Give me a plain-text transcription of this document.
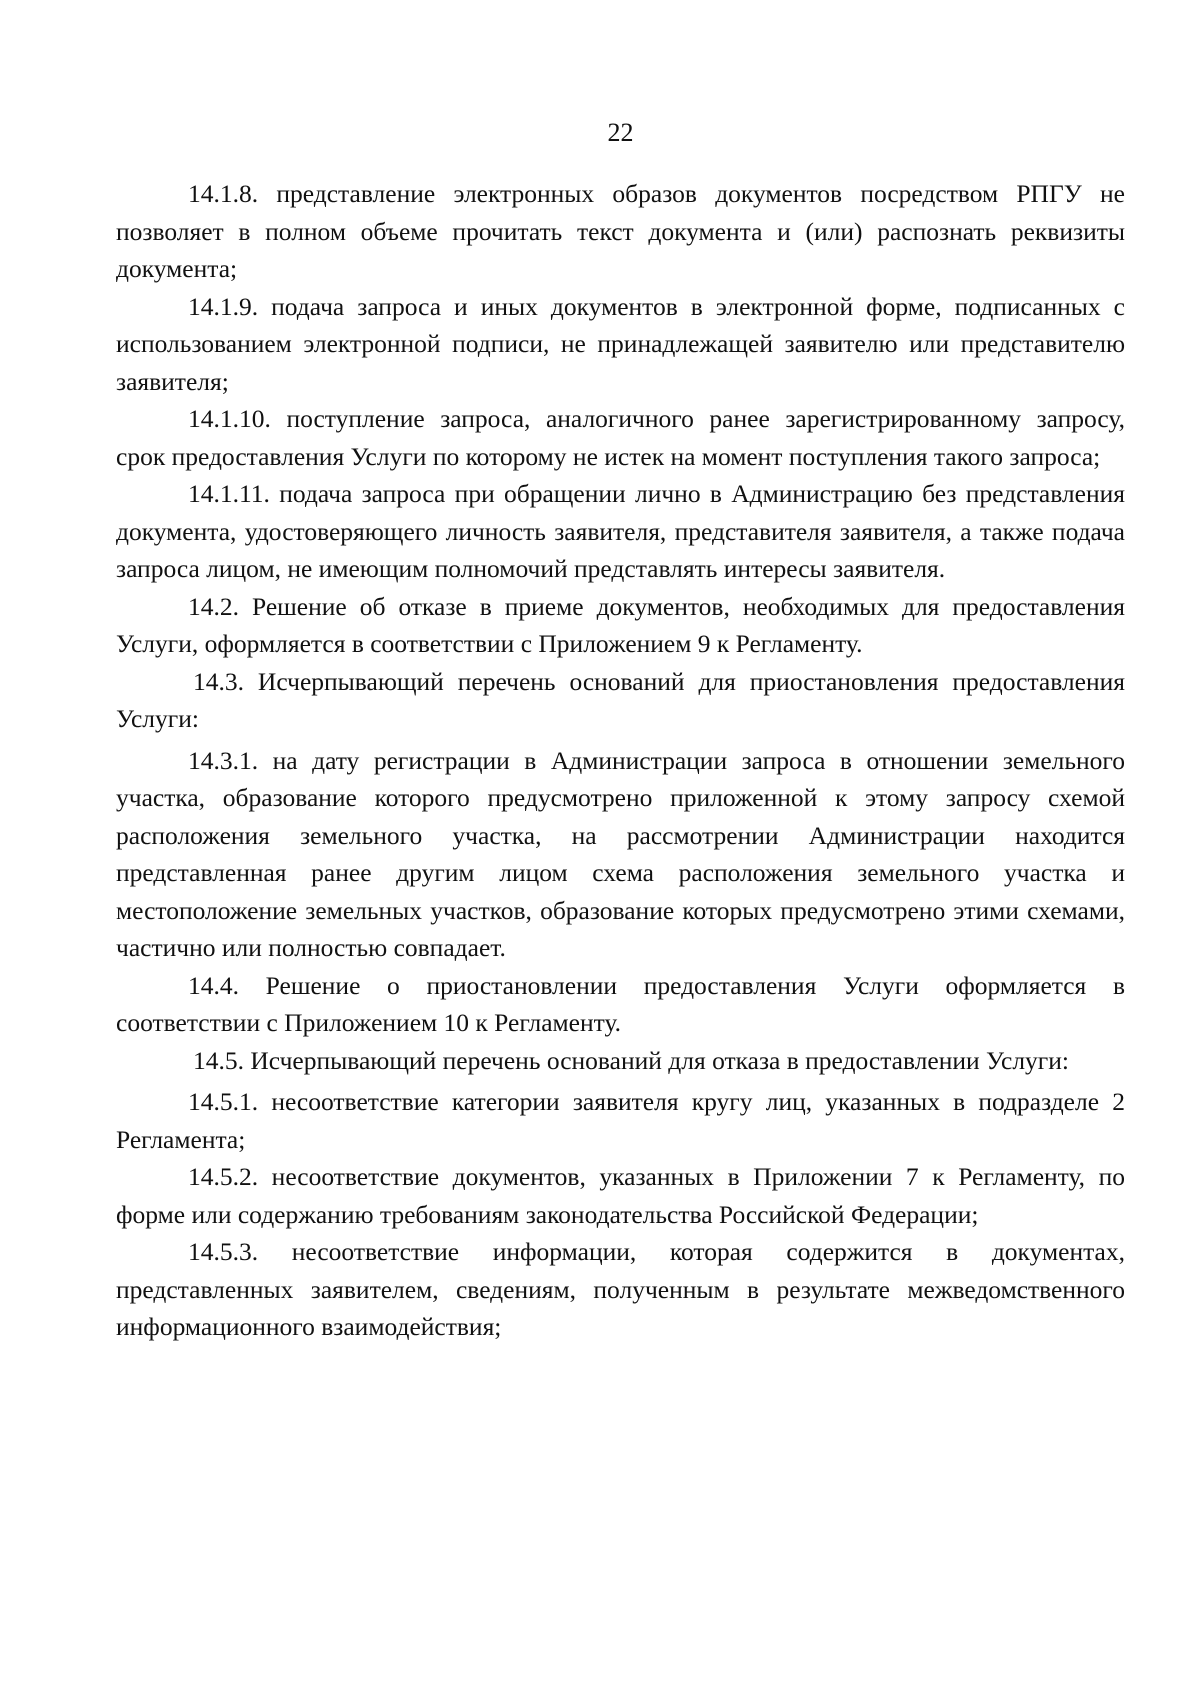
22

14.1.8. представление электронных образов документов посредством РПГУ не позволяет в полном объеме прочитать текст документа и (или) распознать реквизиты документа;

14.1.9. подача запроса и иных документов в электронной форме, подписанных с использованием электронной подписи, не принадлежащей заявителю или представителю заявителя;

14.1.10. поступление запроса, аналогичного ранее зарегистрированному запросу, срок предоставления Услуги по которому не истек на момент поступления такого запроса;

14.1.11. подача запроса при обращении лично в Администрацию без представления документа, удостоверяющего личность заявителя, представителя заявителя, а также подача запроса лицом, не имеющим полномочий представлять интересы заявителя.

14.2. Решение об отказе в приеме документов, необходимых для предоставления Услуги, оформляется в соответствии с Приложением 9 к Регламенту.

14.3. Исчерпывающий перечень оснований для приостановления предоставления Услуги:

14.3.1. на дату регистрации в Администрации запроса в отношении земельного участка, образование которого предусмотрено приложенной к этому запросу схемой расположения земельного участка, на рассмотрении Администрации находится представленная ранее другим лицом схема расположения земельного участка и местоположение земельных участков, образование которых предусмотрено этими схемами, частично или полностью совпадает.

14.4. Решение о приостановлении предоставления Услуги оформляется в соответствии с Приложением 10 к Регламенту.

14.5. Исчерпывающий перечень оснований для отказа в предоставлении Услуги:

14.5.1. несоответствие категории заявителя кругу лиц, указанных в подразделе 2 Регламента;

14.5.2. несоответствие документов, указанных в Приложении 7 к Регламенту, по форме или содержанию требованиям законодательства Российской Федерации;

14.5.3. несоответствие информации, которая содержится в документах, представленных заявителем, сведениям, полученным в результате межведомственного информационного взаимодействия;
